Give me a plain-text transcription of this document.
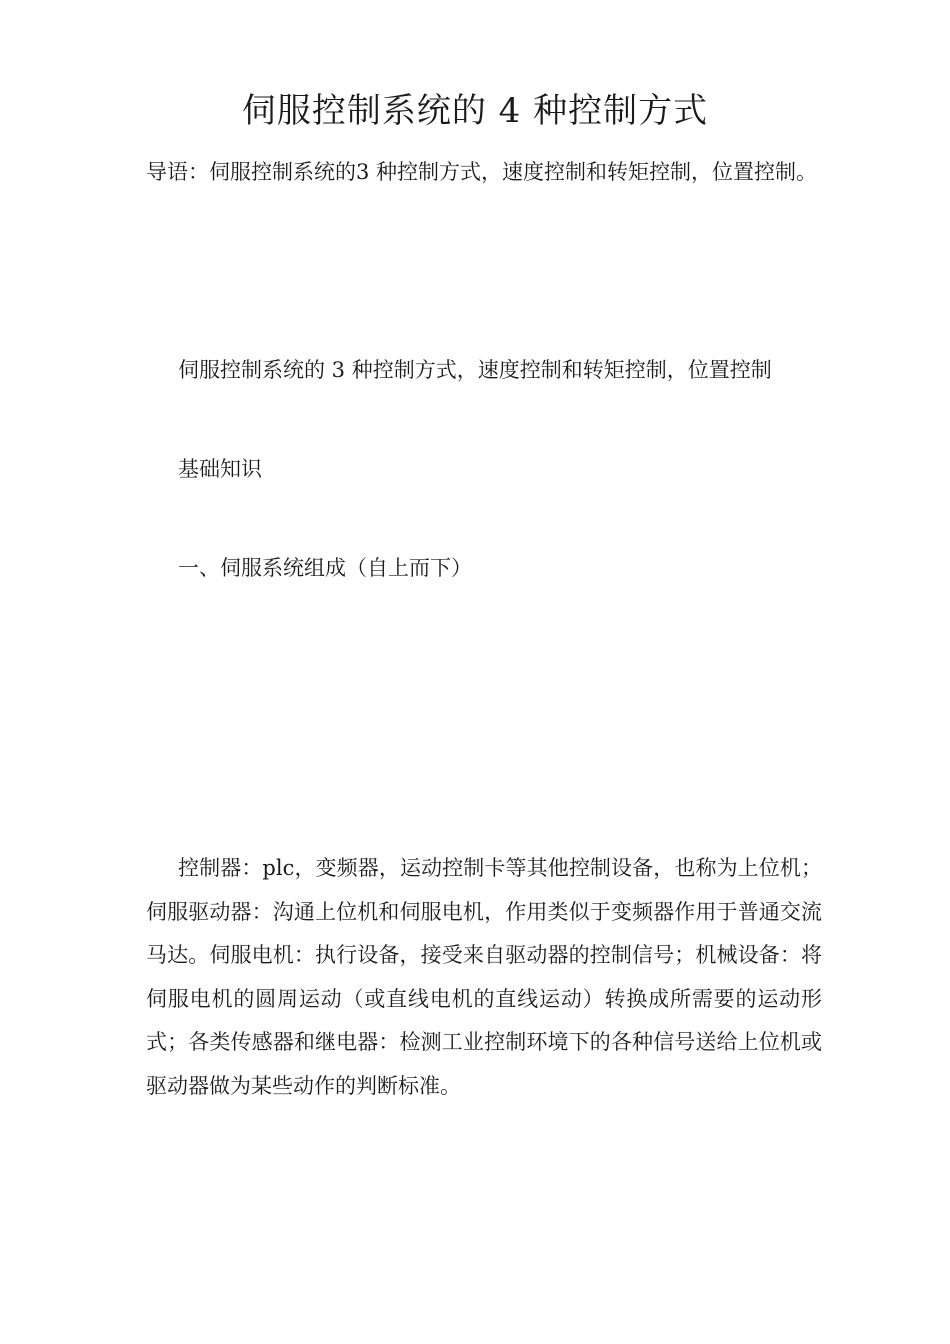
伺服控制系统的 4 种控制方式

导语：伺服控制系统的3 种控制方式，速度控制和转矩控制，位置控制。

伺服控制系统的 3 种控制方式，速度控制和转矩控制，位置控制

基础知识

一、伺服系统组成（自上而下）

控制器：plc，变频器，运动控制卡等其他控制设备，也称为上位机；伺服驱动器：沟通上位机和伺服电机，作用类似于变频器作用于普通交流马达。伺服电机：执行设备，接受来自驱动器的控制信号；机械设备：将伺服电机的圆周运动（或直线电机的直线运动）转换成所需要的运动形式；各类传感器和继电器：检测工业控制环境下的各种信号送给上位机或驱动器做为某些动作的判断标准。
